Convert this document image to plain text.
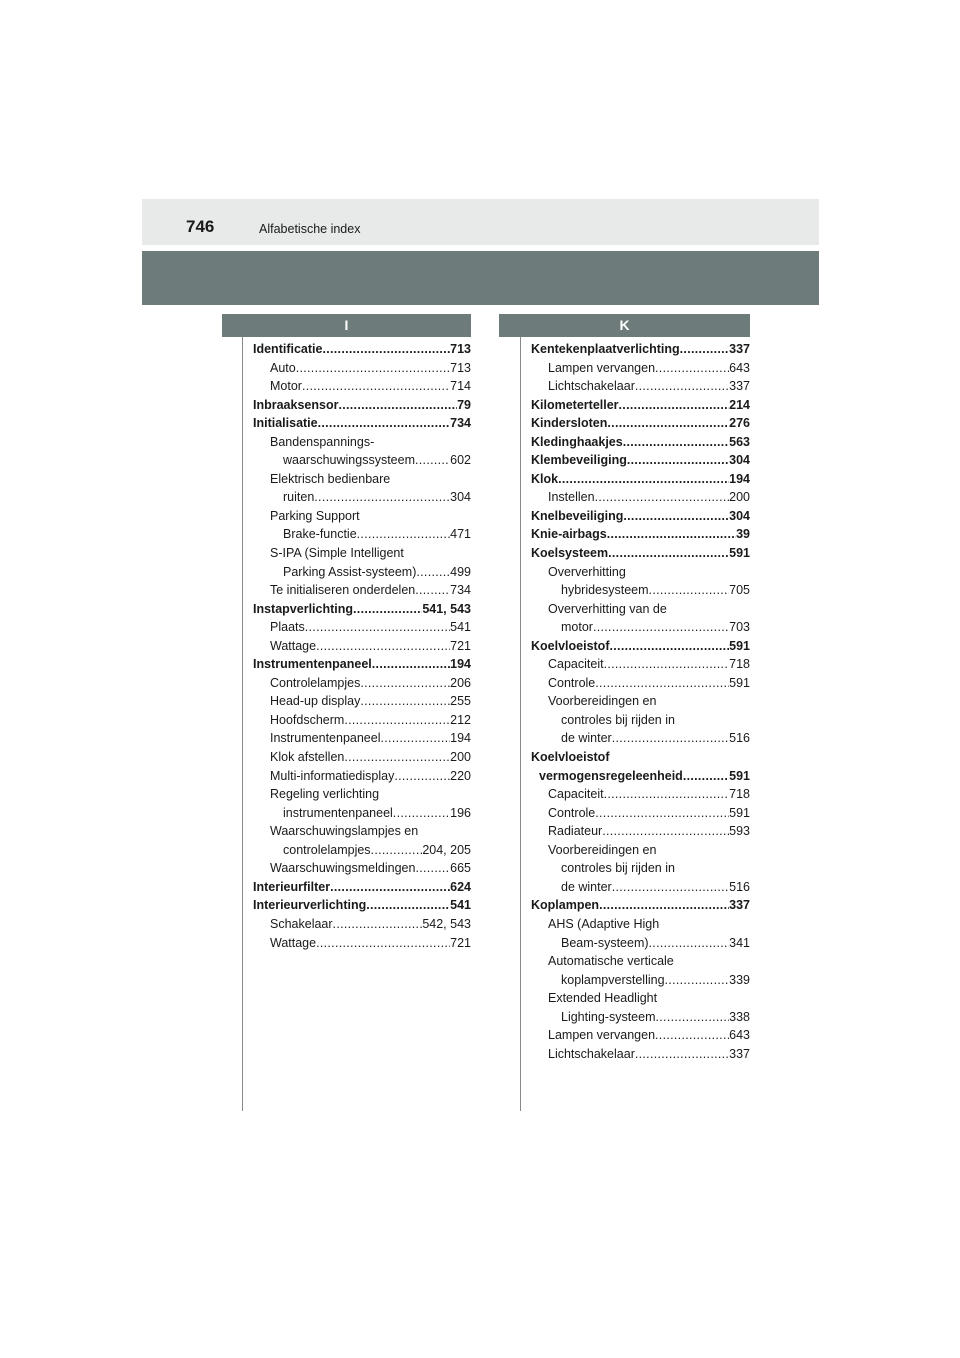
746	Alfabetische index
I	K
Identificatie .....	713
Auto .....	713
Motor .....	714
Inbraaksensor .....	79
Initialisatie .....	734
Bandenspannings-
waarschuwingssysteem .....	602
Elektrisch bedienbare
ruiten .....	304
Parking Support
Brake-functie .....	471
S-IPA (Simple Intelligent
Parking Assist-systeem) .....	499
Te initialiseren onderdelen .....	734
Instapverlichting .....	541, 543
Plaats .....	541
Wattage .....	721
Instrumentenpaneel .....	194
Controlelampjes .....	206
Head-up display .....	255
Hoofdscherm .....	212
Instrumentenpaneel .....	194
Klok afstellen .....	200
Multi-informatiedisplay .....	220
Regeling verlichting
instrumentenpaneel .....	196
Waarschuwingslampjes en
controlelampjes .....	204, 205
Waarschuwingsmeldingen .....	665
Interieurfilter .....	624
Interieurverlichting .....	541
Schakelaar .....	542, 543
Wattage .....	721
Kentekenplaatverlichting .....	337
Lampen vervangen .....	643
Lichtschakelaar .....	337
Kilometerteller .....	214
Kindersloten .....	276
Kledinghaakjes .....	563
Klembeveiliging .....	304
Klok .....	194
Instellen .....	200
Knelbeveiliging .....	304
Knie-airbags .....	39
Koelsysteem .....	591
Oververhitting
hybridesysteem .....	705
Oververhitting van de
motor .....	703
Koelvloeistof .....	591
Capaciteit .....	718
Controle .....	591
Voorbereidingen en
controles bij rijden in
de winter .....	516
Koelvloeistof
vermogensregeleenheid .....	591
Capaciteit .....	718
Controle .....	591
Radiateur .....	593
Voorbereidingen en
controles bij rijden in
de winter .....	516
Koplampen .....	337
AHS (Adaptive High
Beam-systeem) .....	341
Automatische verticale
koplampverstelling .....	339
Extended Headlight
Lighting-systeem .....	338
Lampen vervangen .....	643
Lichtschakelaar .....	337
